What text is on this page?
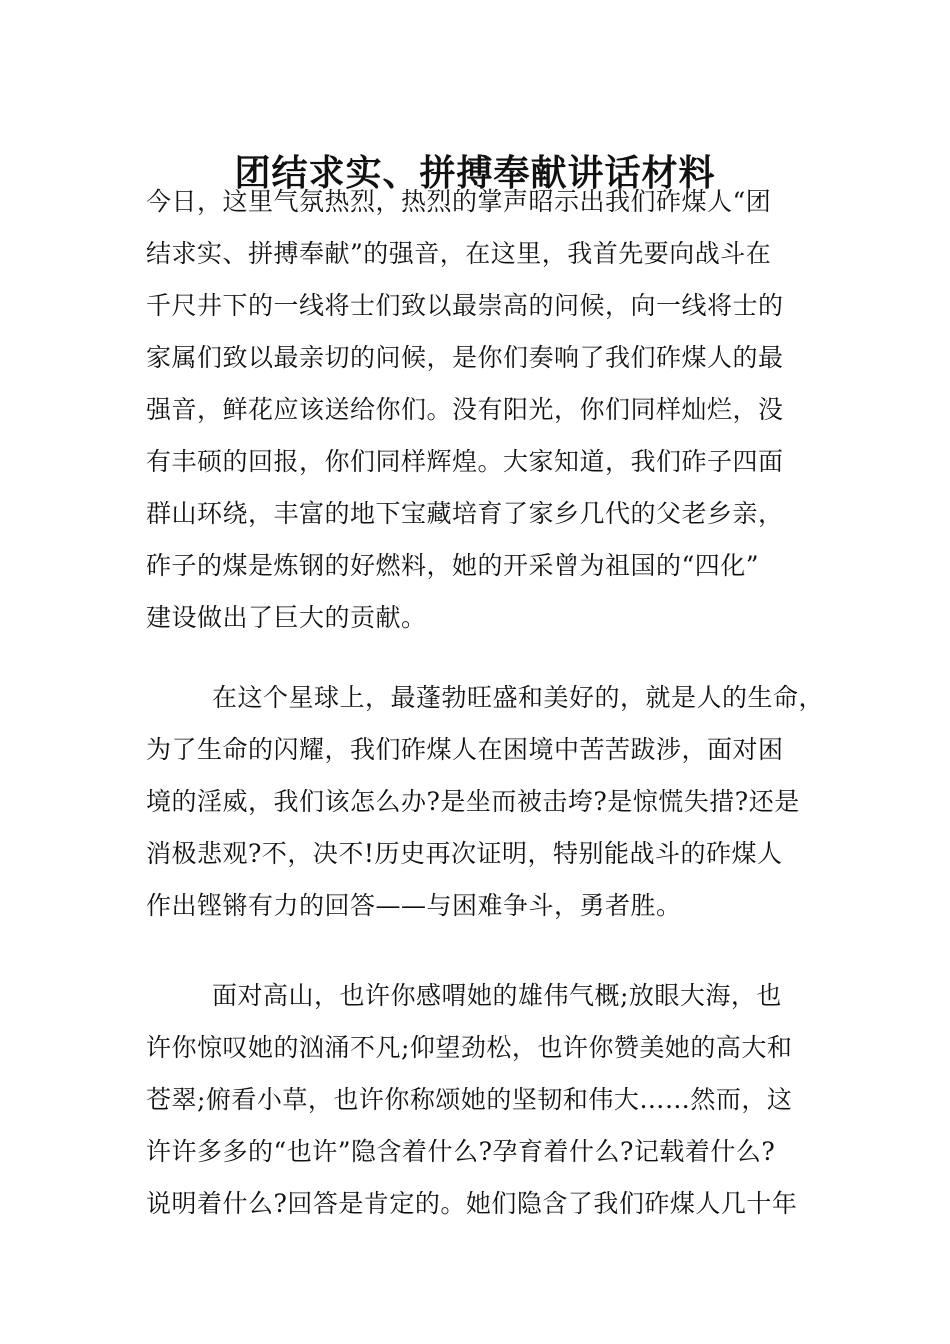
团结求实、拼搏奉献讲话材料
今日，这里气氛热烈，热烈的掌声昭示出我们砟煤人“团
结求实、拼搏奉献”的强音，在这里，我首先要向战斗在
千尺井下的一线将士们致以最崇高的问候，向一线将士的
家属们致以最亲切的问候，是你们奏响了我们砟煤人的最
强音，鲜花应该送给你们。没有阳光，你们同样灿烂，没
有丰硕的回报，你们同样辉煌。大家知道，我们砟子四面
群山环绕，丰富的地下宝藏培育了家乡几代的父老乡亲，
砟子的煤是炼钢的好燃料，她的开采曾为祖国的“四化”
建设做出了巨大的贡献。
在这个星球上，最蓬勃旺盛和美好的，就是人的生命，
为了生命的闪耀，我们砟煤人在困境中苦苦跋涉，面对困
境的淫威，我们该怎么办?是坐而被击垮?是惊慌失措?还是
消极悲观?不，决不!历史再次证明，特别能战斗的砟煤人
作出铿锵有力的回答——与困难争斗，勇者胜。
面对高山，也许你感喟她的雄伟气概;放眼大海，也
许你惊叹她的汹涌不凡;仰望劲松，也许你赞美她的高大和
苍翠;俯看小草，也许你称颂她的坚韧和伟大……然而，这
许许多多的“也许”隐含着什么?孕育着什么?记载着什么?
说明着什么?回答是肯定的。她们隐含了我们砟煤人几十年
